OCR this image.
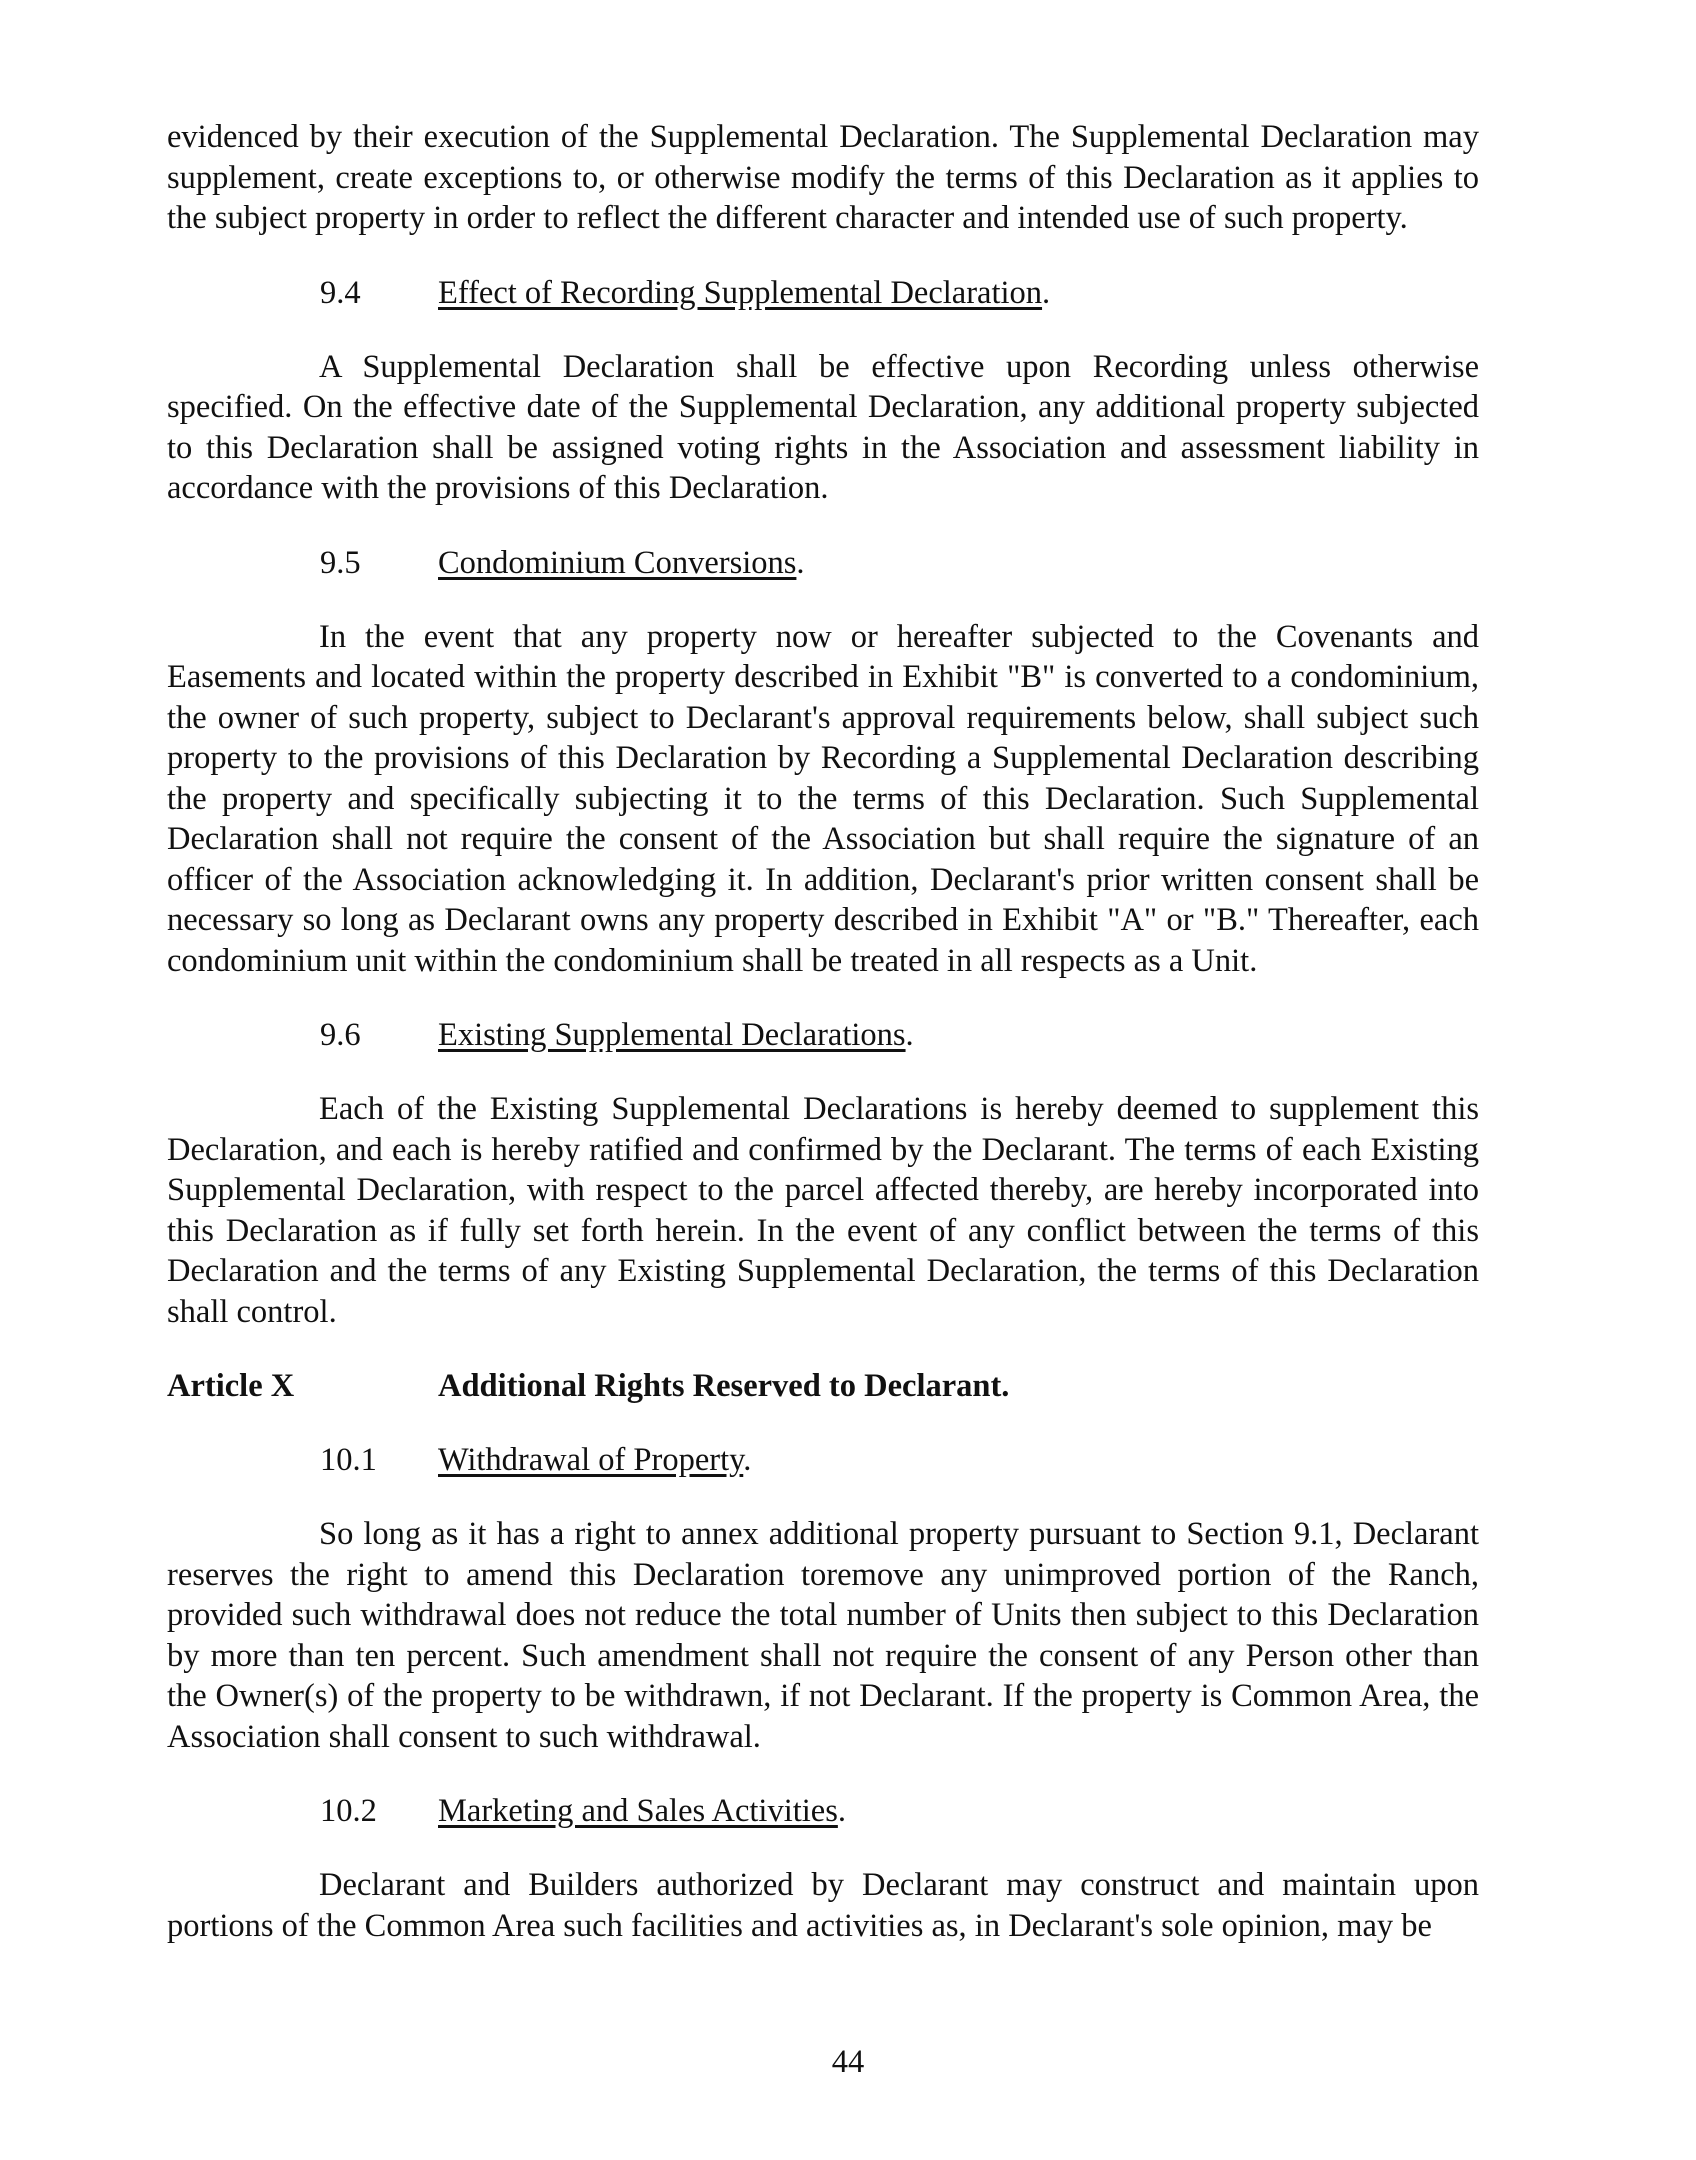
evidenced by their execution of the Supplemental Declaration. The Supplemental Declaration may supplement, create exceptions to, or otherwise modify the terms of this Declaration as it applies to the subject property in order to reflect the different character and intended use of such property.

9.4 Effect of Recording Supplemental Declaration.

A Supplemental Declaration shall be effective upon Recording unless otherwise specified. On the effective date of the Supplemental Declaration, any additional property subjected to this Declaration shall be assigned voting rights in the Association and assessment liability in accordance with the provisions of this Declaration.

9.5 Condominium Conversions.

In the event that any property now or hereafter subjected to the Covenants and Easements and located within the property described in Exhibit "B" is converted to a condominium, the owner of such property, subject to Declarant's approval requirements below, shall subject such property to the provisions of this Declaration by Recording a Supplemental Declaration describing the property and specifically subjecting it to the terms of this Declaration. Such Supplemental Declaration shall not require the consent of the Association but shall require the signature of an officer of the Association acknowledging it. In addition, Declarant's prior written consent shall be necessary so long as Declarant owns any property described in Exhibit "A" or "B." Thereafter, each condominium unit within the condominium shall be treated in all respects as a Unit.

9.6 Existing Supplemental Declarations.

Each of the Existing Supplemental Declarations is hereby deemed to supplement this Declaration, and each is hereby ratified and confirmed by the Declarant. The terms of each Existing Supplemental Declaration, with respect to the parcel affected thereby, are hereby incorporated into this Declaration as if fully set forth herein. In the event of any conflict between the terms of this Declaration and the terms of any Existing Supplemental Declaration, the terms of this Declaration shall control.

Article X	Additional Rights Reserved to Declarant.
10.1 Withdrawal of Property.

So long as it has a right to annex additional property pursuant to Section 9.1, Declarant reserves the right to amend this Declaration toremove any unimproved portion of the Ranch, provided such withdrawal does not reduce the total number of Units then subject to this Declaration by more than ten percent. Such amendment shall not require the consent of any Person other than the Owner(s) of the property to be withdrawn, if not Declarant. If the property is Common Area, the Association shall consent to such withdrawal.

10.2 Marketing and Sales Activities.

Declarant and Builders authorized by Declarant may construct and maintain upon portions of the Common Area such facilities and activities as, in Declarant's sole opinion, may be

44
